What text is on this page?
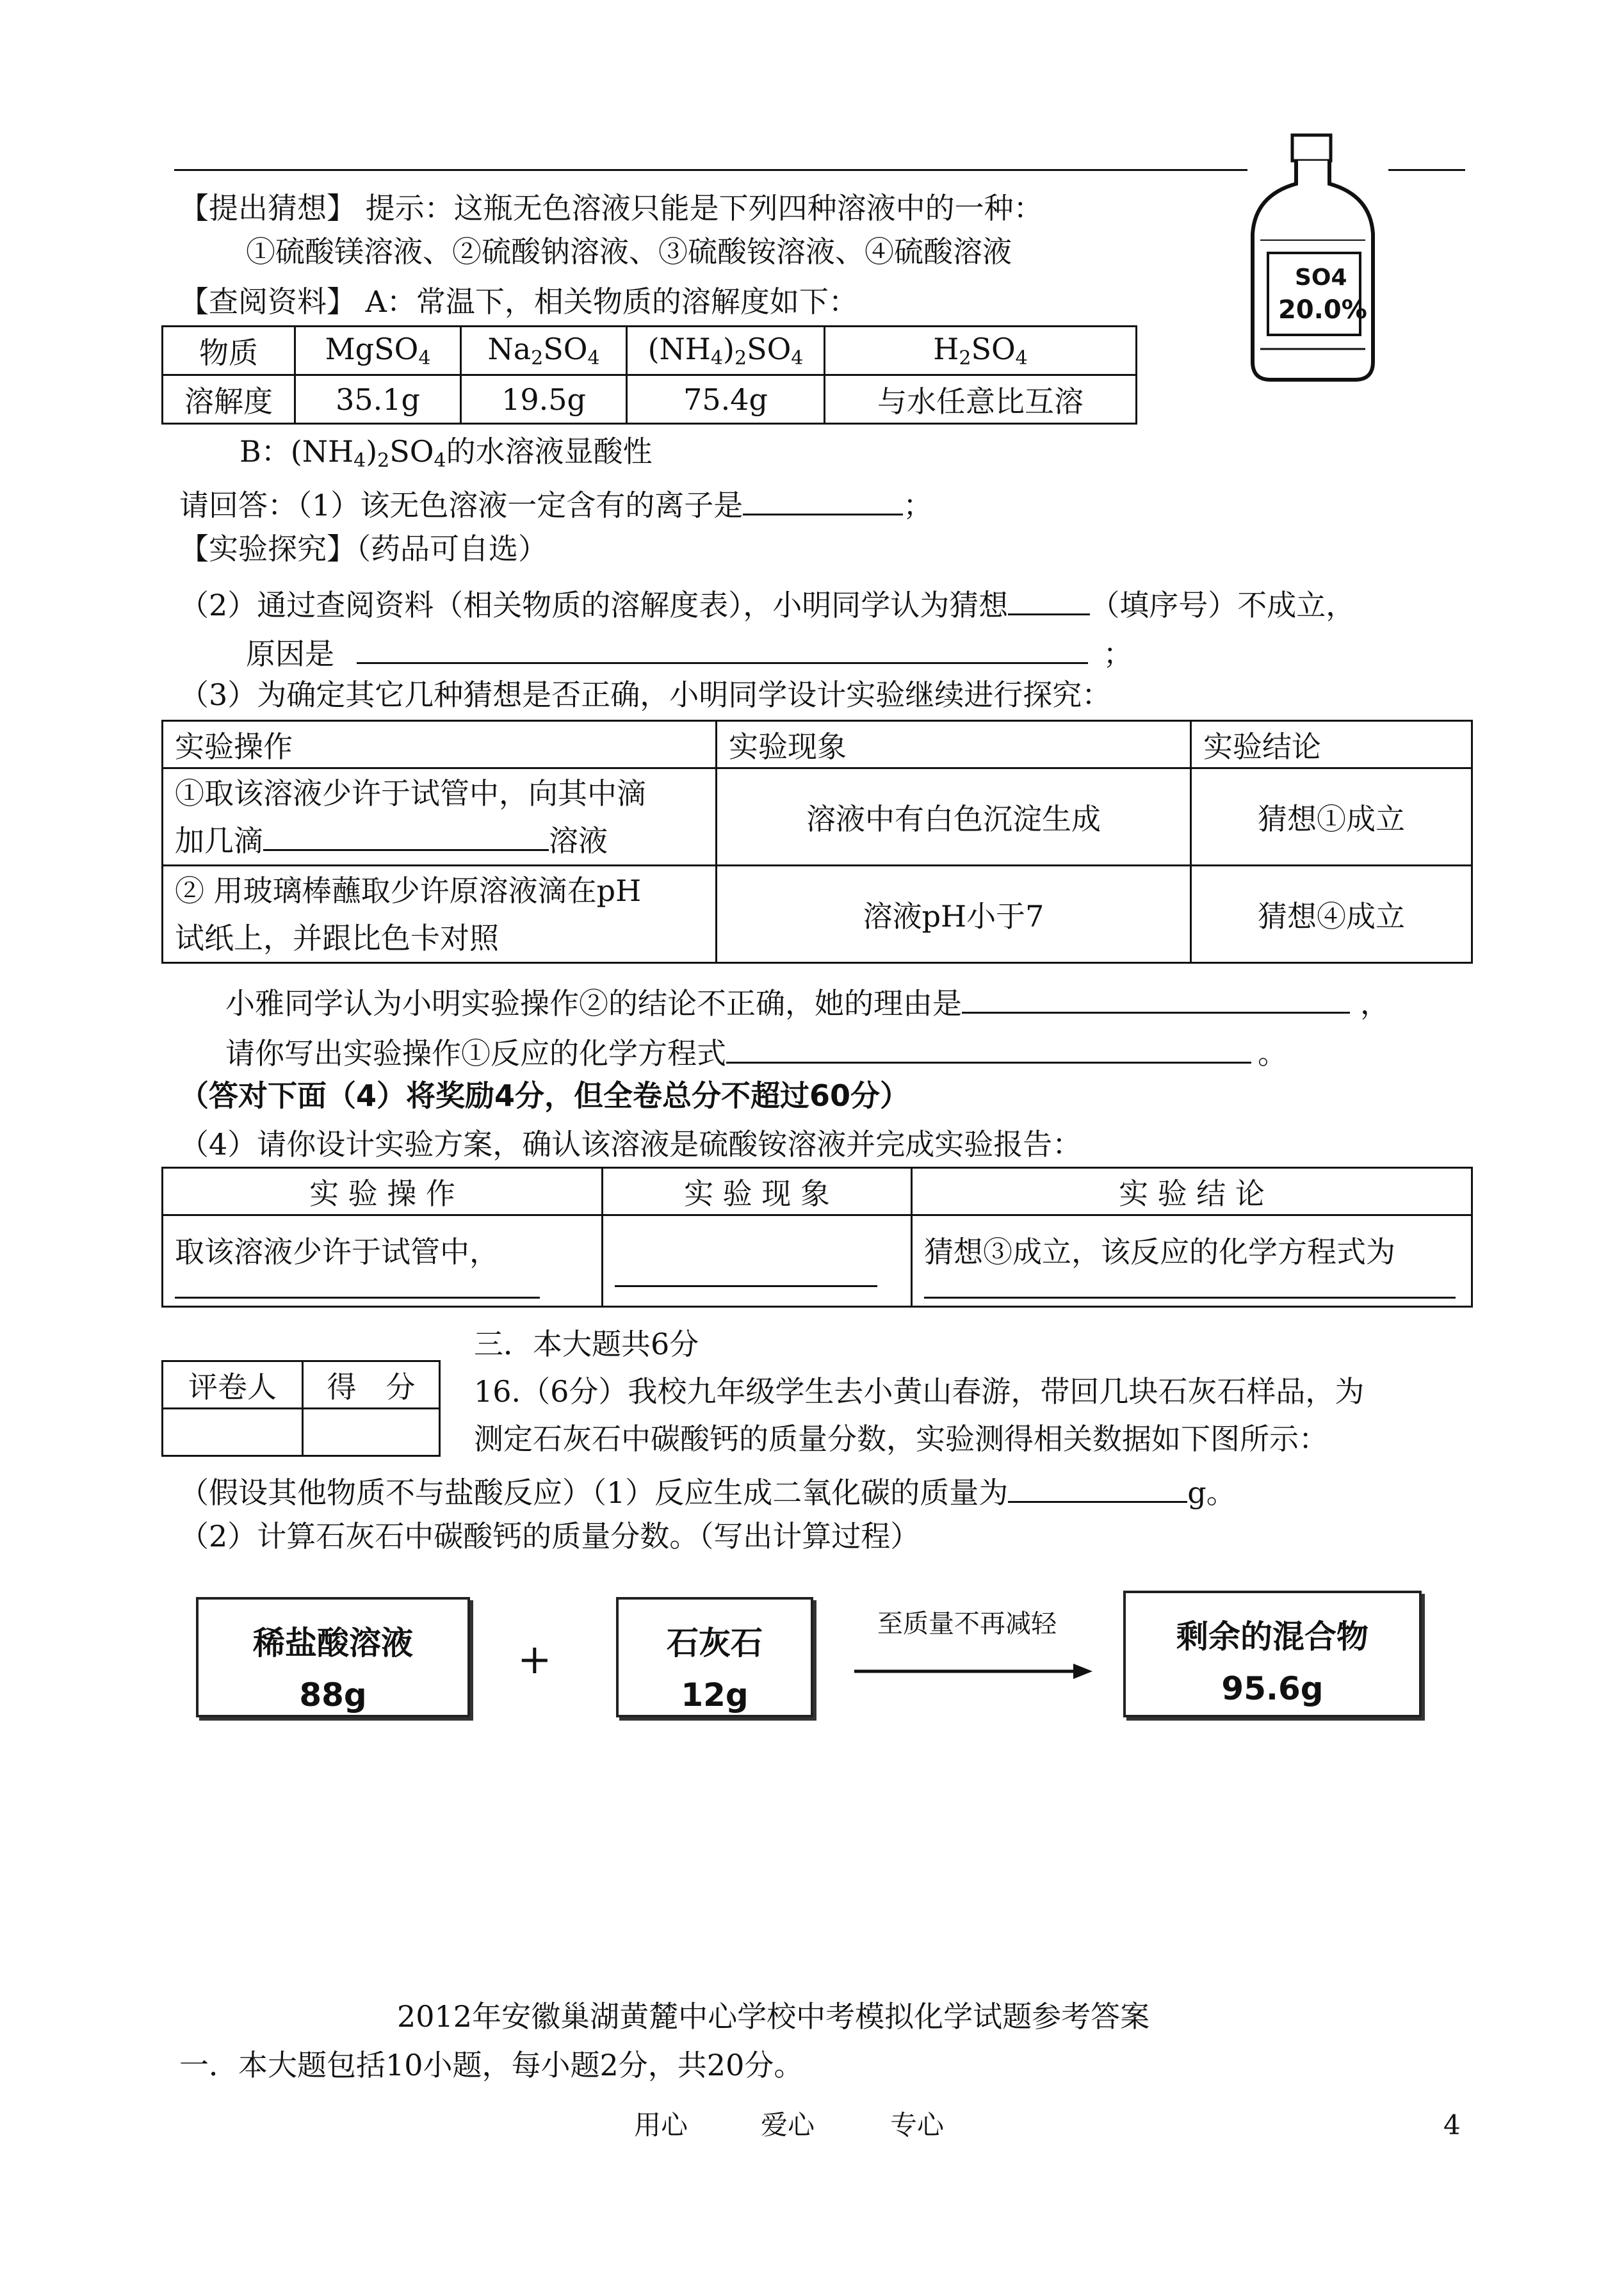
SO4
20.0%
【提出猜想】 提示：这瓶无色溶液只能是下列四种溶液中的一种：
①硫酸镁溶液、②硫酸钠溶液、③硫酸铵溶液、④硫酸溶液
【查阅资料】 A：常温下，相关物质的溶解度如下：
物质	MgSO$_4$	$Na_2SO_4$	$(NH_4)_2SO_4$	$H_2SO_4$
溶解度	35.1g	19.5g	75.4g	与水任意比互溶
B：$(NH_4)_2SO_4$的水溶液显酸性
请回答：（1）该无色溶液一定含有的离子是	；
【实验探究】（药品可自选）
（2）通过查阅资料（相关物质的溶解度表），小明同学认为猜想	（填序号）不成立，
原因是	；
（3）为确定其它几种猜想是否正确，小明同学设计实验继续进行探究：
实验操作	实验现象	实验结论

①取该溶液少许于试管中，向其中滴
加几滴 溶液	溶液中有白色沉淀生成	猜想①成立

② 用玻璃棒蘸取少许原溶液滴在pH
试纸上，并跟比色卡对照	溶液pH小于7	猜想④成立
小雅同学认为小明实验操作②的结论不正确，她的理由是	，
请你写出实验操作①反应的化学方程式	。
（答对下面（4）将奖励4分，但全卷总分不超过60分）
（4）请你设计实验方案，确认该溶液是硫酸铵溶液并完成实验报告：
实 验 操 作	实 验 现 象	实 验 结 论

取该溶液少许于试管中，		猜想③成立，该反应的化学方程式为
三．本大题共6分
评卷人	得　分
	16.（6分）我校九年级学生去小黄山春游，带回几块石灰石样品，为
测定石灰石中碳酸钙的质量分数，实验测得相关数据如下图所示：
（假设其他物质不与盐酸反应）（1）反应生成二氧化碳的质量为	g。
（2）计算石灰石中碳酸钙的质量分数。（写出计算过程）
稀盐酸溶液
88g
+	石灰石
12g
至质量不再减轻	剩余的混合物
95.6g
2012年安徽巢湖黄麓中心学校中考模拟化学试题参考答案
一．本大题包括10小题，每小题2分，共20分。
用心	爱心	专心	4
